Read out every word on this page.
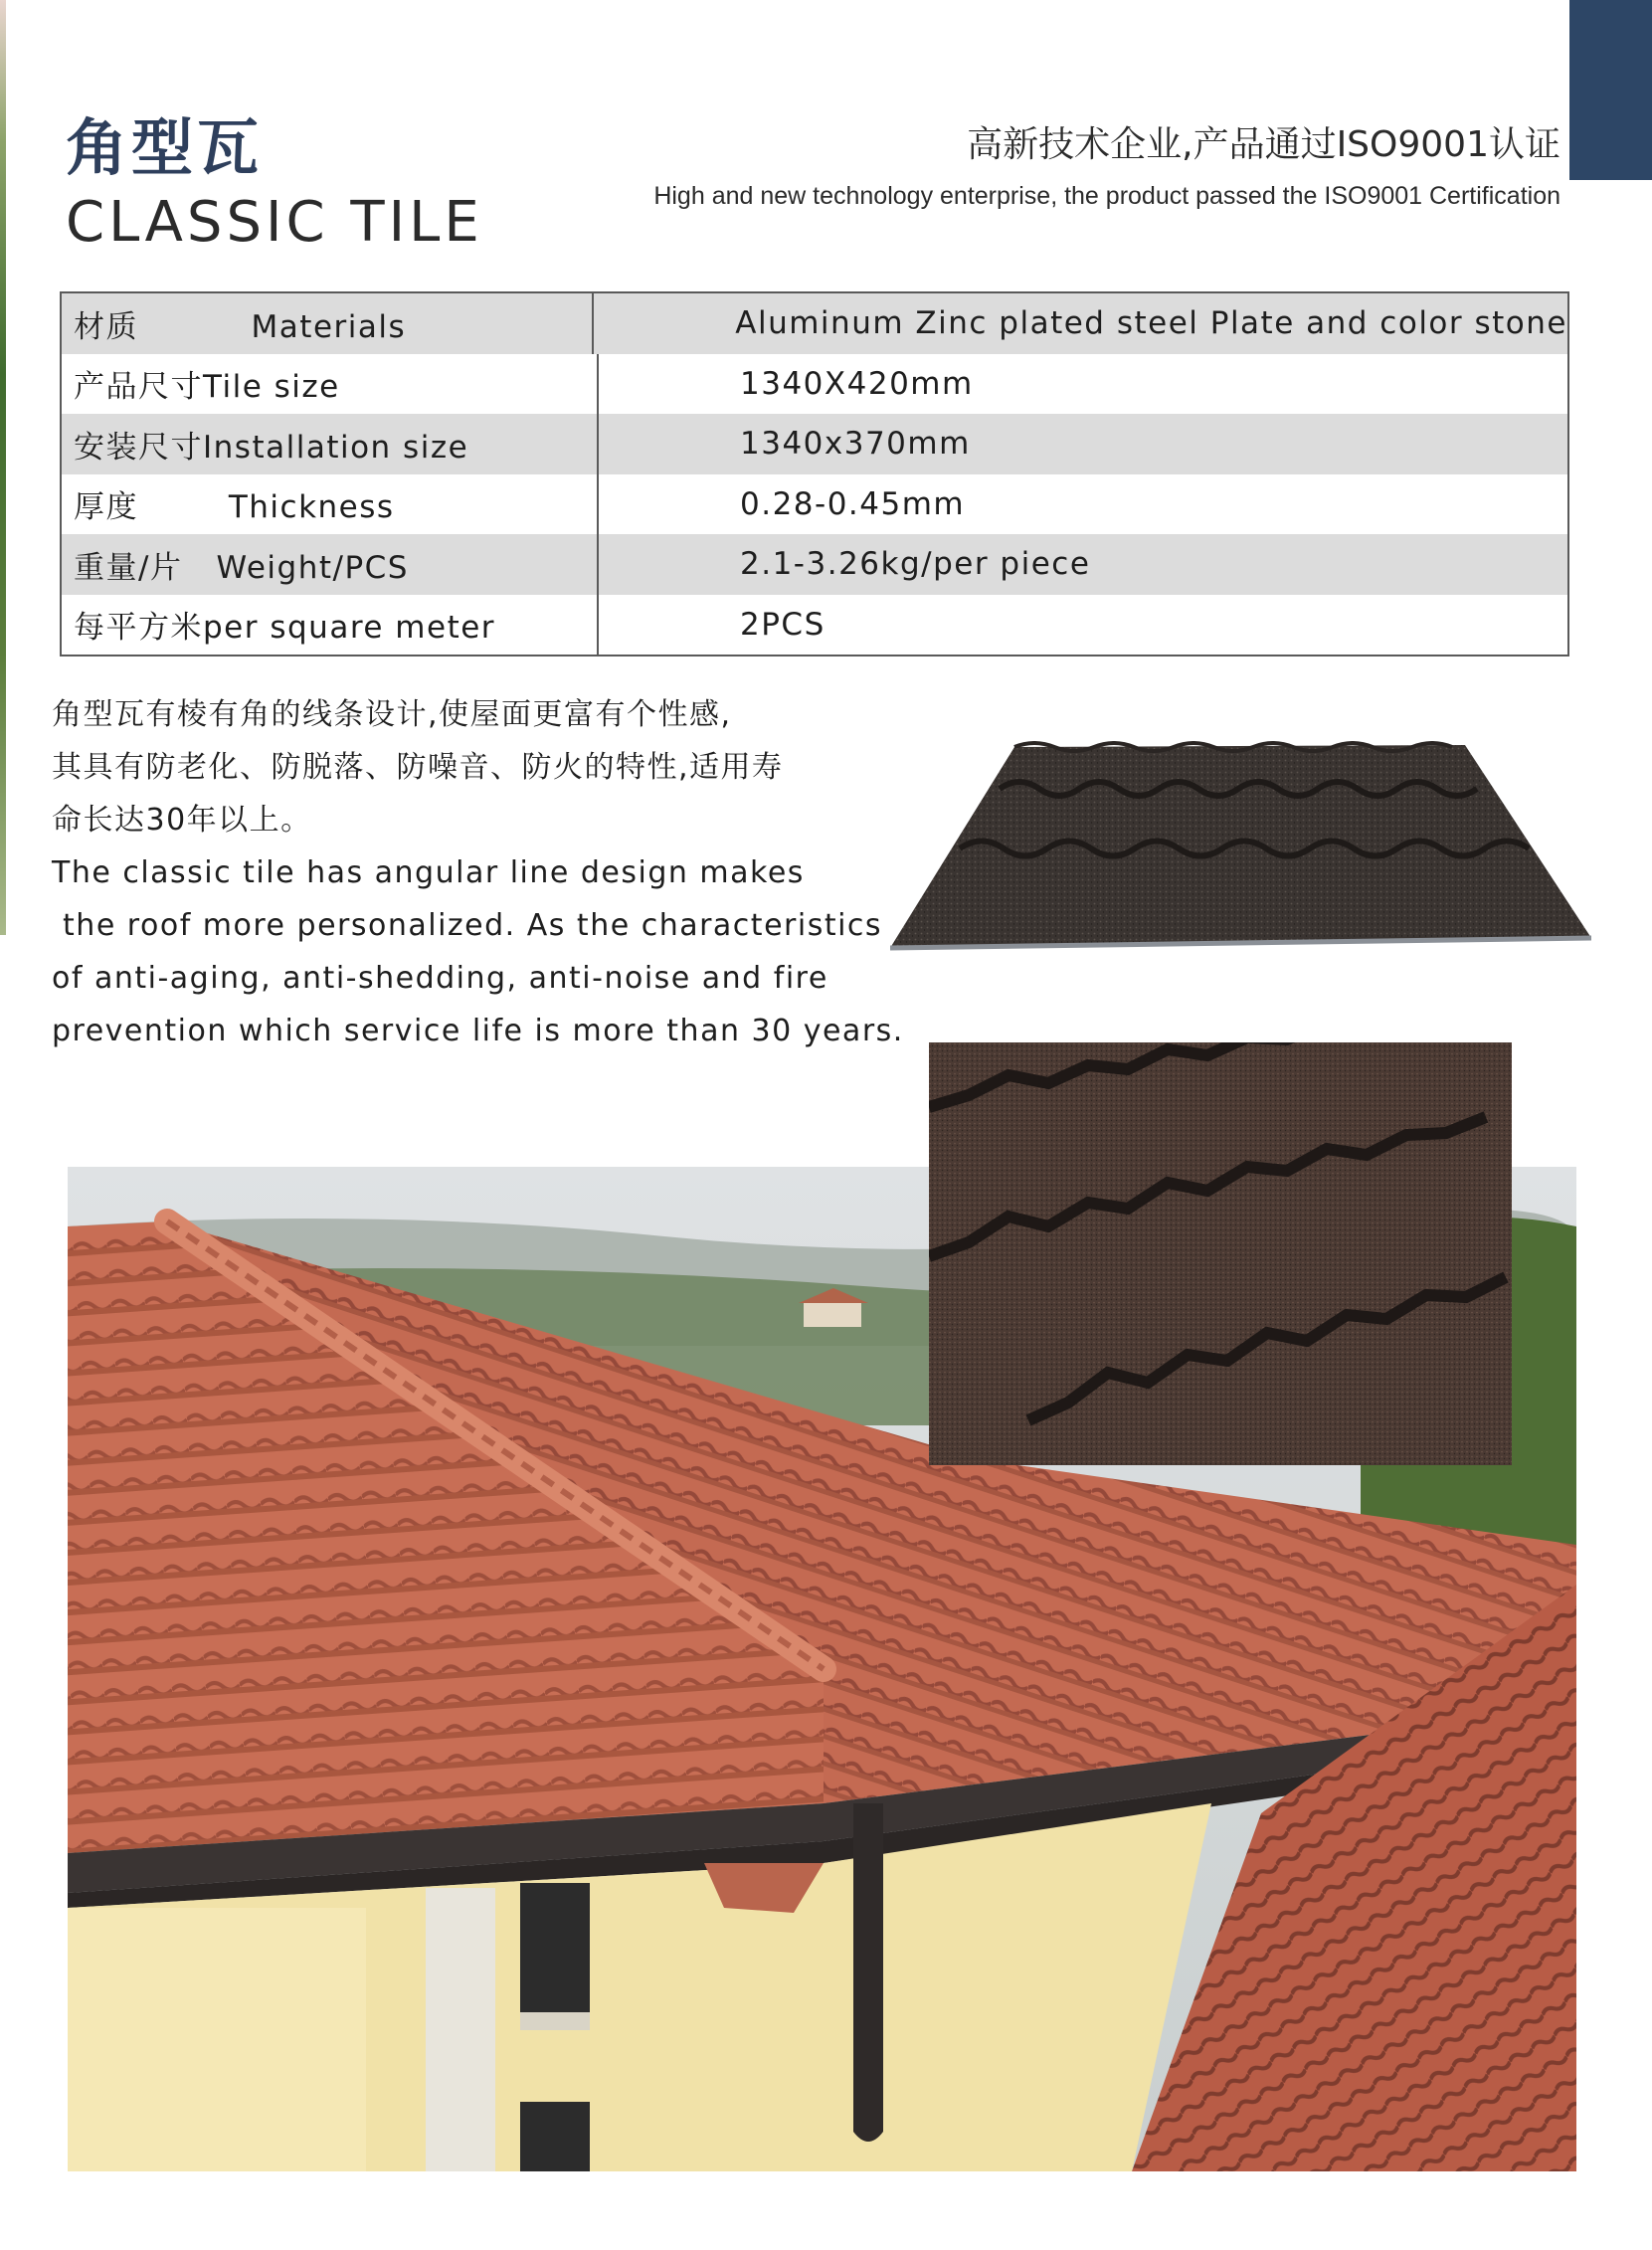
角型瓦
CLASSIC TILE
高新技术企业,产品通过ISO9001认证
High and new technology enterprise, the product passed the ISO9001 Certification
材质          Materials	Aluminum Zinc plated steel Plate and color stone
产品尺寸Tile size	1340X420mm
安装尺寸Installation size	1340x370mm
厚度        Thickness	0.28-0.45mm
重量/片   Weight/PCS	2.1-3.26kg/per piece
每平方米per square meter	2PCS

角型瓦有棱有角的线条设计,使屋面更富有个性感,

其具有防老化、防脱落、防噪音、防火的特性,适用寿

命长达30年以上。

The classic tile has angular line design makes

the roof more personalized. As the characteristics

of anti-aging, anti-shedding, anti-noise and fire

prevention which service life is more than 30 years.
